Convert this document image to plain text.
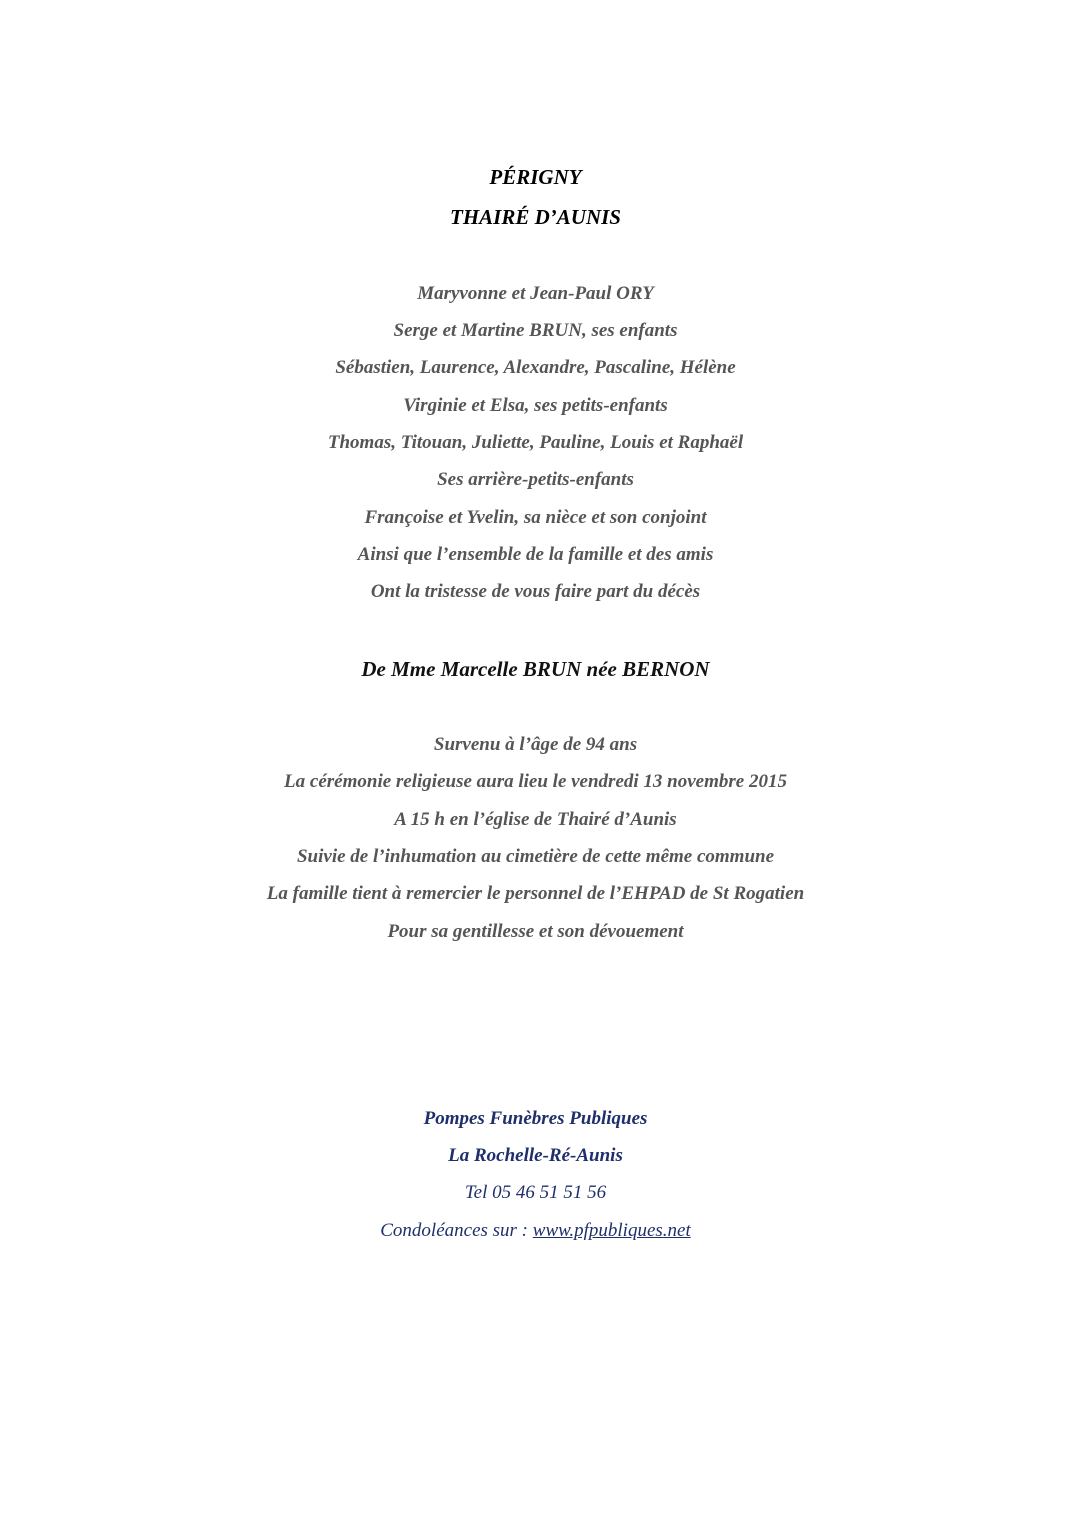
PÉRIGNY
THAIRÉ D’AUNIS
Maryvonne et Jean-Paul ORY
Serge et Martine BRUN, ses enfants
Sébastien, Laurence, Alexandre, Pascaline, Hélène
Virginie et Elsa, ses petits-enfants
Thomas, Titouan, Juliette, Pauline, Louis et Raphaël
Ses arrière-petits-enfants
Françoise et Yvelin, sa nièce et son conjoint
Ainsi que l’ensemble de la famille et des amis
Ont la tristesse de vous faire part du décès
De Mme Marcelle BRUN née BERNON
Survenu à l’âge de 94 ans
La cérémonie religieuse aura lieu le vendredi 13 novembre 2015
A 15 h en l’église de Thairé d’Aunis
Suivie de l’inhumation au cimetière de cette même commune
La famille tient à remercier le personnel de l’EHPAD de St Rogatien
Pour sa gentillesse et son dévouement
Pompes Funèbres Publiques
La Rochelle-Ré-Aunis
Tel 05 46 51 51 56
Condoléances sur : www.pfpubliques.net
